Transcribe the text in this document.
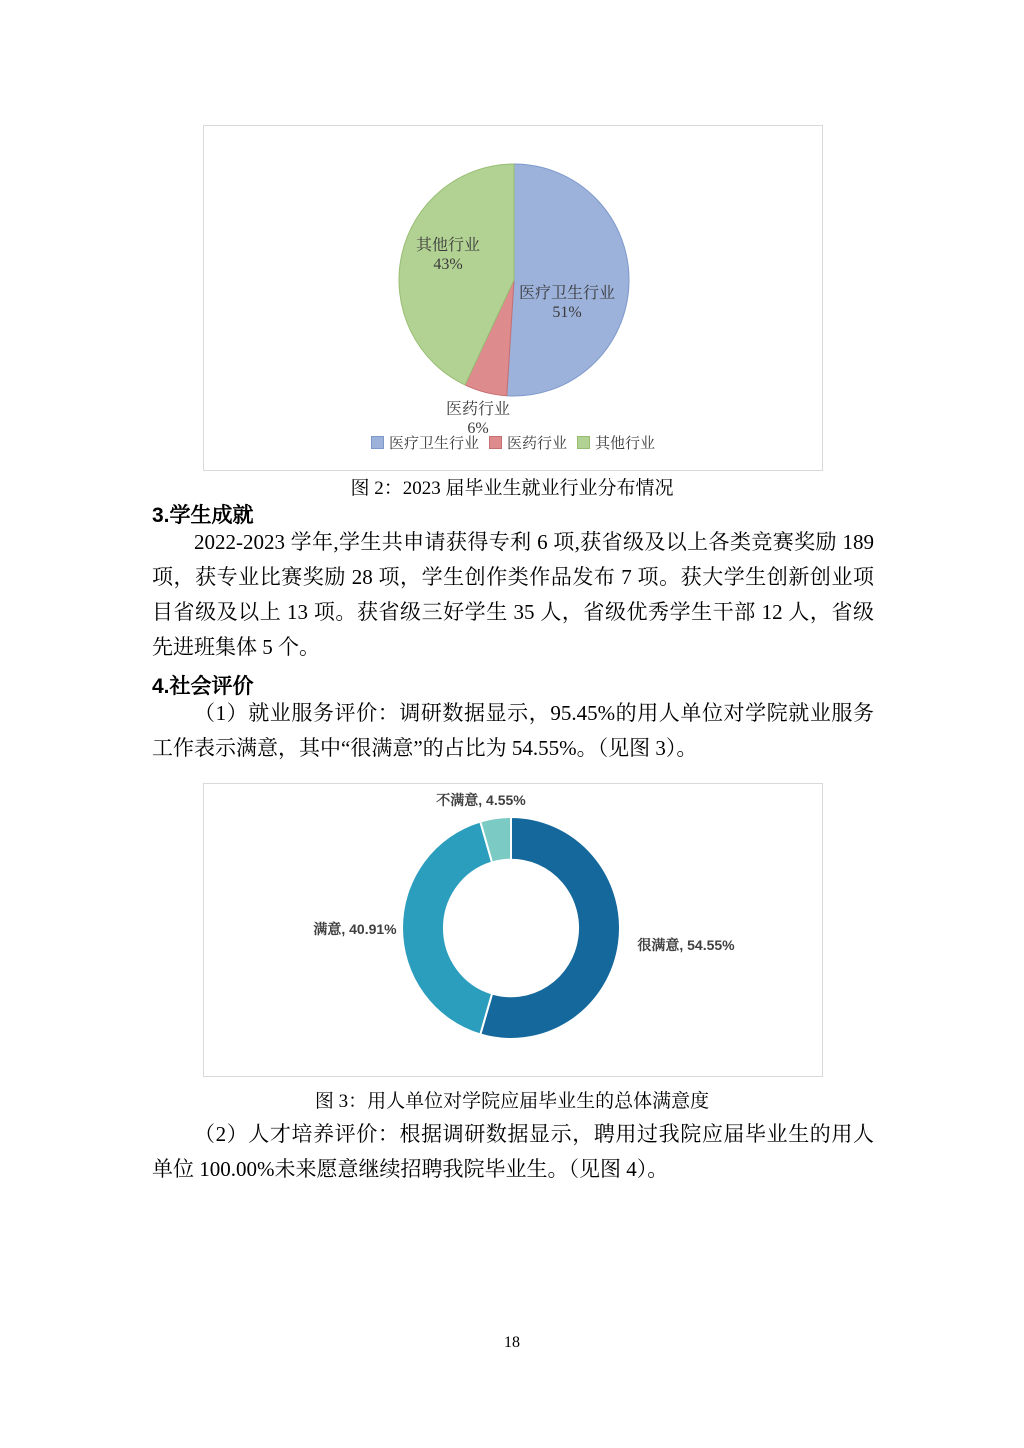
医疗卫生行业 51%
医药行业 6%
其他行业 43%
医疗卫生行业 医药行业 其他行业
图 2：2023 届毕业生就业行业分布情况
3.学生成就

2022-2023 学年,学生共申请获得专利 6 项,获省级及以上各类竞赛奖励 189 项，获专业比赛奖励 28 项，学生创作类作品发布 7 项。获大学生创新创业项目省级及以上 13 项。获省级三好学生 35 人，省级优秀学生干部 12 人，省级先进班集体 5 个。

4.社会评价

（1）就业服务评价：调研数据显示，95.45%的用人单位对学院就业服务工作表示满意，其中“很满意”的占比为 54.55%。（见图 3）。

很满意, 54.55%
满意, 40.91%
不满意, 4.55%
图 3：用人单位对学院应届毕业生的总体满意度

（2）人才培养评价：根据调研数据显示，聘用过我院应届毕业生的用人单位 100.00%未来愿意继续招聘我院毕业生。（见图 4）。

18
